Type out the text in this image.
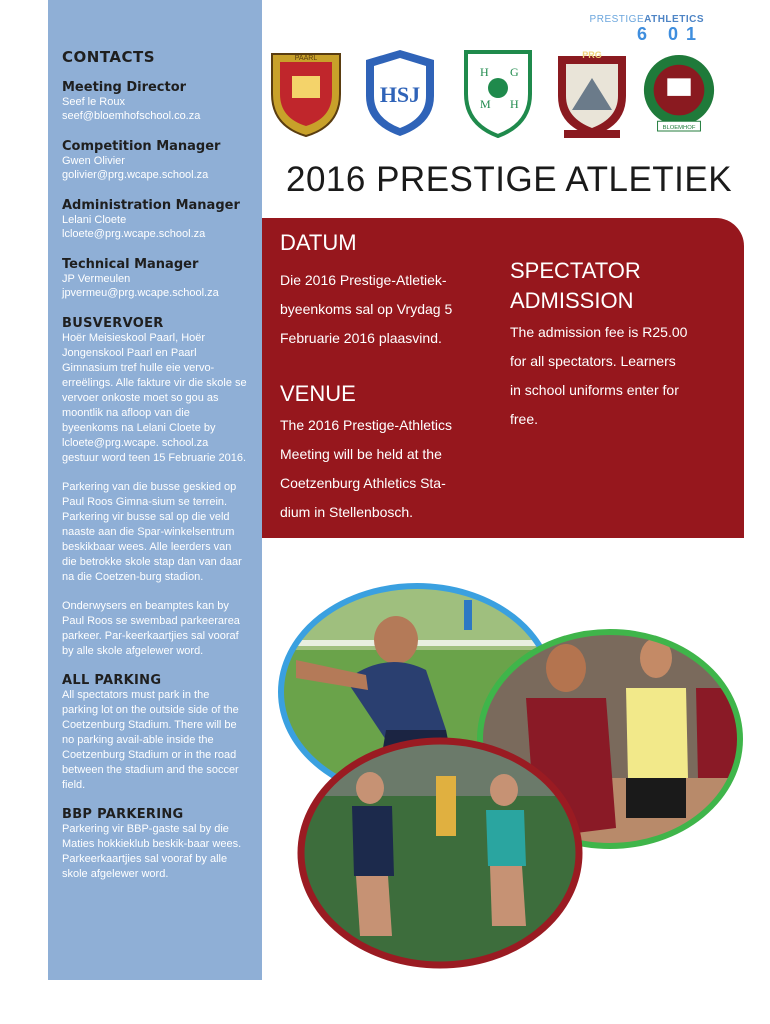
CONTACTS

Meeting Director

Seef le Roux

seef@bloemhofschool.co.za

Competition Manager

Gwen Olivier

golivier@prg.wcape.school.za

Administration Manager

Lelani Cloete

lcloete@prg.wcape.school.za

Technical Manager

JP Vermeulen

jpvermeu@prg.wcape.school.za

BUSVERVOER

Hoër Meisieskool Paarl, Hoër Jongenskool Paarl en Paarl Gimnasium tref hulle eie vervo-erreëlings. Alle fakture vir die skole se vervoer onkoste moet so gou as moontlik na afloop van die byeenkoms na Lelani Cloete by lcloete@prg.wcape. school.za gestuur word teen 15 Februarie 2016.

Parkering van die busse geskied op Paul Roos Gimna-sium se terrein. Parkering vir busse sal op die veld naaste aan die Spar-winkelsentrum beskikbaar wees. Alle leerders van die betrokke skole stap dan van daar na die Coetzen-burg stadion.

Onderwysers en beamptes kan by Paul Roos se swembad parkeerarea parkeer. Par-keerkaartjies sal vooraf by alle skole afgelewer word.

ALL PARKING

All spectators must park in the parking lot on the outside side of the Coetzenburg Stadium. There will be no parking avail-able inside the Coetzenburg Stadium or in the road between the stadium and the soccer field.

BBP PARKERING

Parkering vir BBP-gaste sal by die Maties hokkieklub beskik-baar wees. Parkeerkaartjies sal vooraf by alle skole afgelewer word.

PRESTIGEATHLETICS
6 01
PAARL
HSJ
H G
M H
PRG
BLOEMHOF
2016 PRESTIGE ATLETIEK

DATUM

Die 2016 Prestige-Atletiek-

byeenkoms sal op Vrydag 5

Februarie 2016 plaasvind.

VENUE

The 2016 Prestige-Athletics

Meeting will be held at the

Coetzenburg Athletics Sta-

dium in Stellenbosch.

SPECTATOR

ADMISSION

The admission fee is R25.00

for all spectators. Learners

in school uniforms enter for

free.
